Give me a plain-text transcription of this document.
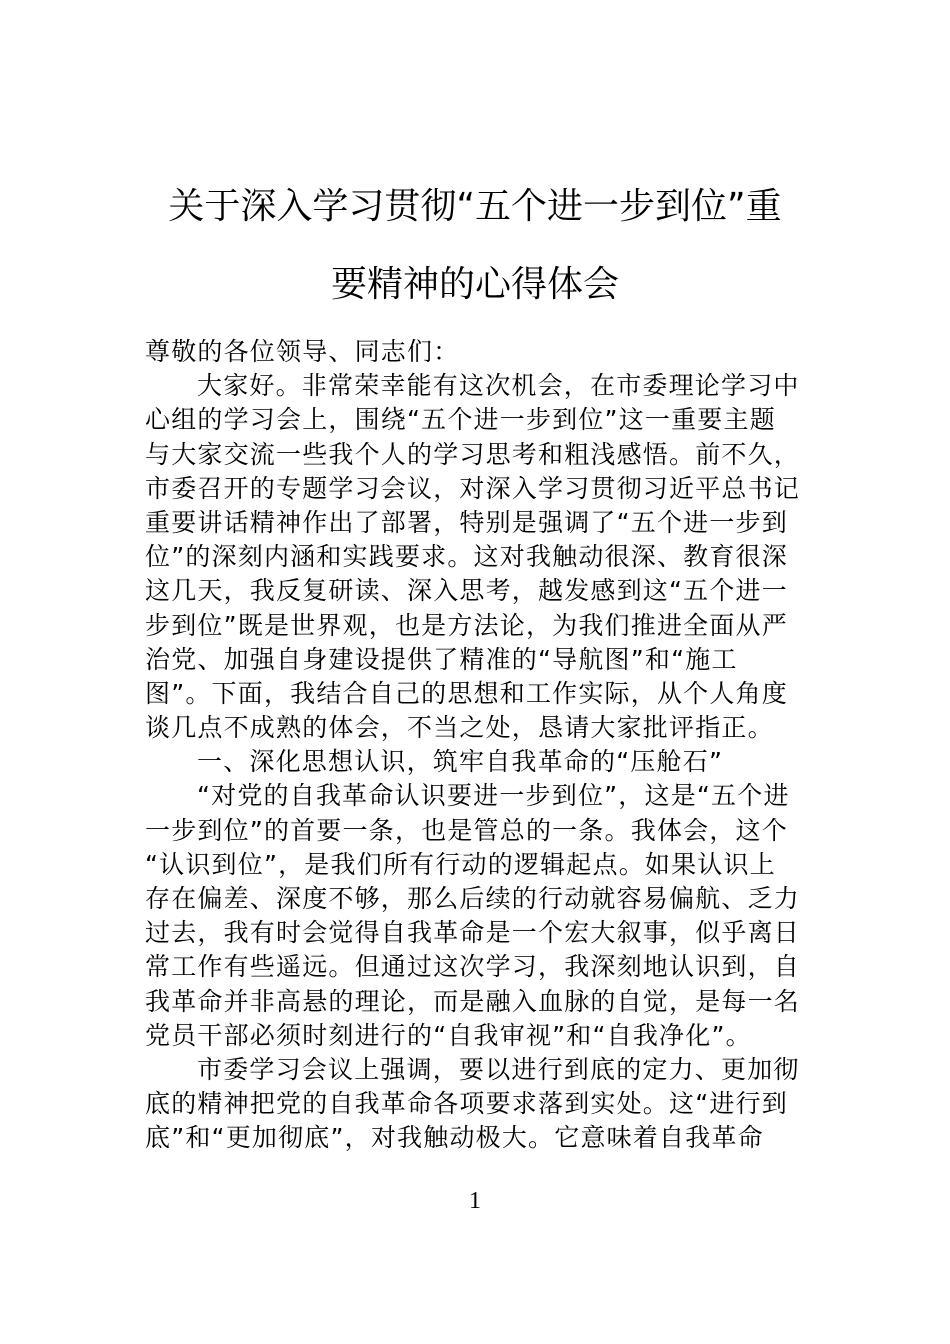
关于深入学习贯彻“五个进一步到位”重
要精神的心得体会
尊敬的各位领导、同志们：
大家好。非常荣幸能有这次机会，在市委理论学习中
心组的学习会上，围绕“五个进一步到位”这一重要主题
与大家交流一些我个人的学习思考和粗浅感悟。前不久，
市委召开的专题学习会议，对深入学习贯彻习近平总书记
重要讲话精神作出了部署，特别是强调了“五个进一步到
位”的深刻内涵和实践要求。这对我触动很深、教育很深
这几天，我反复研读、深入思考，越发感到这“五个进一
步到位”既是世界观，也是方法论，为我们推进全面从严
治党、加强自身建设提供了精准的“导航图”和“施工
图”。下面，我结合自己的思想和工作实际，从个人角度
谈几点不成熟的体会，不当之处，恳请大家批评指正。
一、深化思想认识，筑牢自我革命的“压舱石”
“对党的自我革命认识要进一步到位”，这是“五个进
一步到位”的首要一条，也是管总的一条。我体会，这个
“认识到位”，是我们所有行动的逻辑起点。如果认识上
存在偏差、深度不够，那么后续的行动就容易偏航、乏力
过去，我有时会觉得自我革命是一个宏大叙事，似乎离日
常工作有些遥远。但通过这次学习，我深刻地认识到，自
我革命并非高悬的理论，而是融入血脉的自觉，是每一名
党员干部必须时刻进行的“自我审视”和“自我净化”。
市委学习会议上强调，要以进行到底的定力、更加彻
底的精神把党的自我革命各项要求落到实处。这“进行到
底”和“更加彻底”，对我触动极大。它意味着自我革命
1
